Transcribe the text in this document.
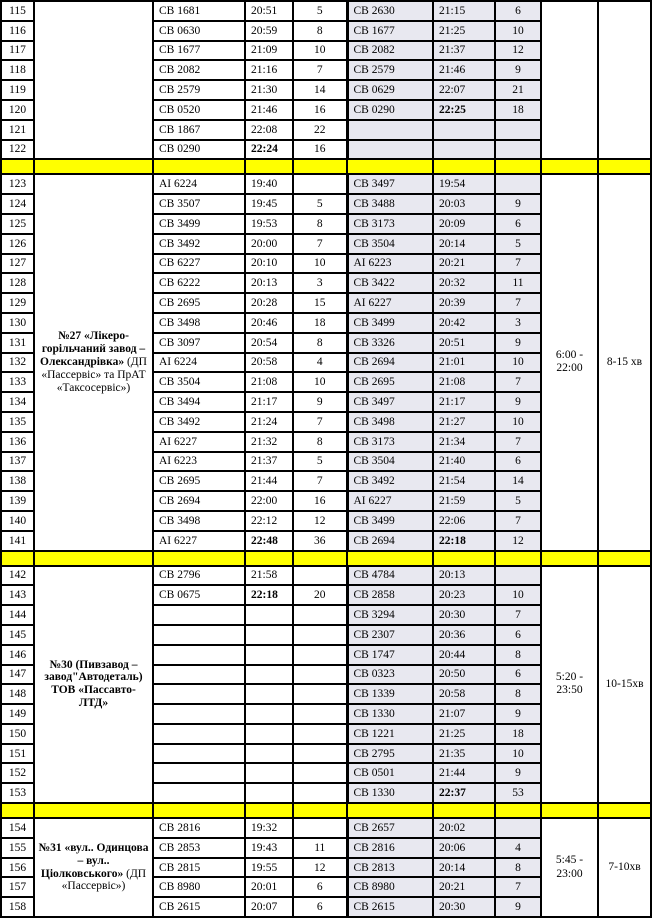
115		СВ 1681	20:51	5	СВ 2630	21:15	6		
116		СВ 0630	20:59	8	СВ 1677	21:25	10		
117		СВ 1677	21:09	10	СВ 2082	21:37	12		
118		СВ 2082	21:16	7	СВ 2579	21:46	9		
119		СВ 2579	21:30	14	СВ 0629	22:07	21		
120		СВ 0520	21:46	16	СВ 0290	22:25	18		
121		СВ 1867	22:08	22					
122		СВ 0290	22:24	16					

123	№27 «Лікеро-горільчаний завод – Олександрівка» (ДП «Пассервіс» та ПрАТ «Таксосервіс»)	АІ 6224	19:40		СВ 3497	19:54		6:00 - 22:00	8-15 хв
124		СВ 3507	19:45	5	СВ 3488	20:03	9		
125		СВ 3499	19:53	8	СВ 3173	20:09	6		
126		СВ 3492	20:00	7	СВ 3504	20:14	5		
127		СВ 6227	20:10	10	АІ 6223	20:21	7		
128		СВ 6222	20:13	3	СВ 3422	20:32	11		
129		СВ 2695	20:28	15	АІ 6227	20:39	7		
130		СВ 3498	20:46	18	СВ 3499	20:42	3		
131		СВ 3097	20:54	8	СВ 3326	20:51	9		
132		АІ 6224	20:58	4	СВ 2694	21:01	10		
133		СВ 3504	21:08	10	СВ 2695	21:08	7		
134		СВ 3494	21:17	9	СВ 3497	21:17	9		
135		СВ 3492	21:24	7	СВ 3498	21:27	10		
136		АІ 6227	21:32	8	СВ 3173	21:34	7		
137		АІ 6223	21:37	5	СВ 3504	21:40	6		
138		СВ 2695	21:44	7	СВ 3492	21:54	14		
139		СВ 2694	22:00	16	АІ 6227	21:59	5		
140		СВ 3498	22:12	12	СВ 3499	22:06	7		
141		АІ 6227	22:48	36	СВ 2694	22:18	12		

142	№30 (Пивзавод – завод"Автодеталь) ТОВ «Пассавто-ЛТД»	СВ 2796	21:58		СВ 4784	20:13		5:20 - 23:50	10-15хв
143		СВ 0675	22:18	20	СВ 2858	20:23	10		
144					СВ 3294	20:30	7		
145					СВ 2307	20:36	6		
146					СВ 1747	20:44	8		
147					СВ 0323	20:50	6		
148					СВ 1339	20:58	8		
149					СВ 1330	21:07	9		
150					СВ 1221	21:25	18		
151					СВ 2795	21:35	10		
152					СВ 0501	21:44	9		
153					СВ 1330	22:37	53		

154	№31 «вул.. Одинцова – вул.. Ціолковського» (ДП «Пассервіс»)	СВ 2816	19:32		СВ 2657	20:02		5:45 - 23:00	7-10хв
155		СВ 2853	19:43	11	СВ 2816	20:06	4		
156		СВ 2815	19:55	12	СВ 2813	20:14	8		
157		СВ 8980	20:01	6	СВ 8980	20:21	7		
158		СВ 2615	20:07	6	СВ 2615	20:30	9		
